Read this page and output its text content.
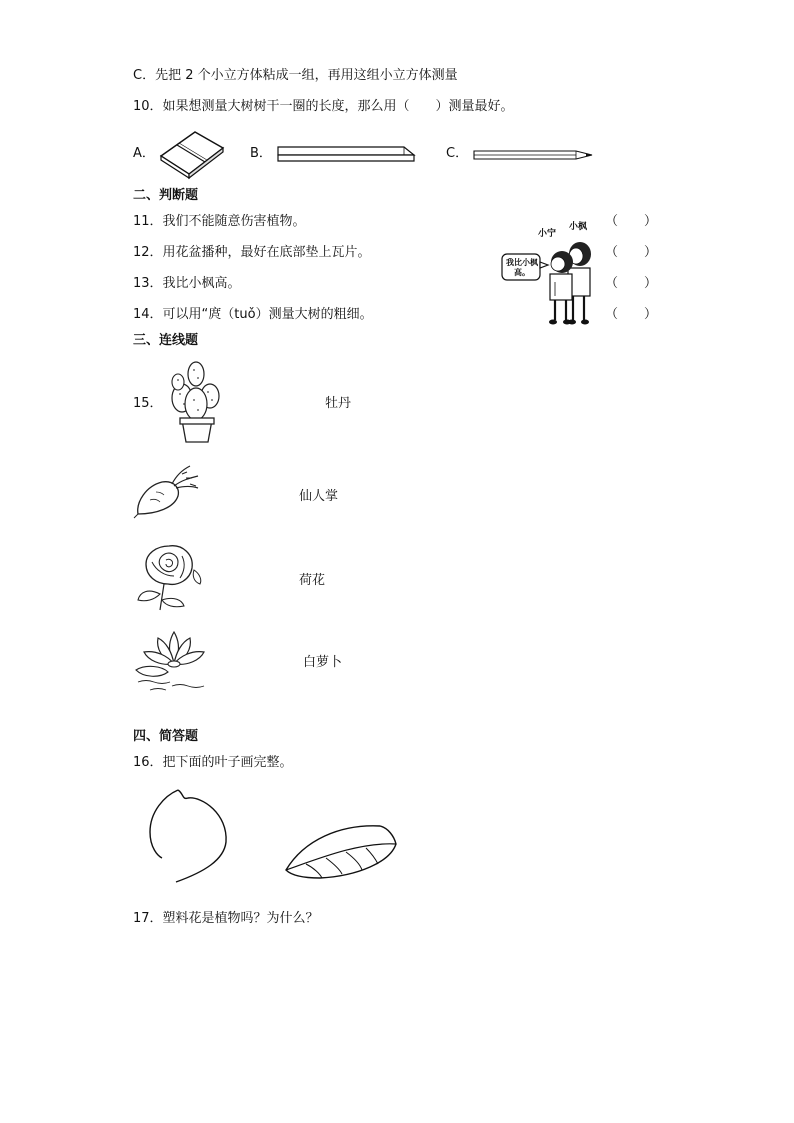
C．先把 2 个小立方体粘成一组，再用这组小立方体测量
10．如果想测量大树树干一圈的长度，那么用（　　）测量最好。
A．	B．	C．
二、判断题
11．我们不能随意伤害植物。
12．用花盆播种，最好在底部垫上瓦片。
13．我比小枫高。
14．可以用“庹（tuǒ）测量大树的粗细。
（　　）
（　　）
（　　）
（　　）
小宁
小枫
我比小枫高。
三、连线题
15．	牡丹
仙人掌
荷花
白萝卜
四、简答题
16．把下面的叶子画完整。
17．塑料花是植物吗？为什么？
